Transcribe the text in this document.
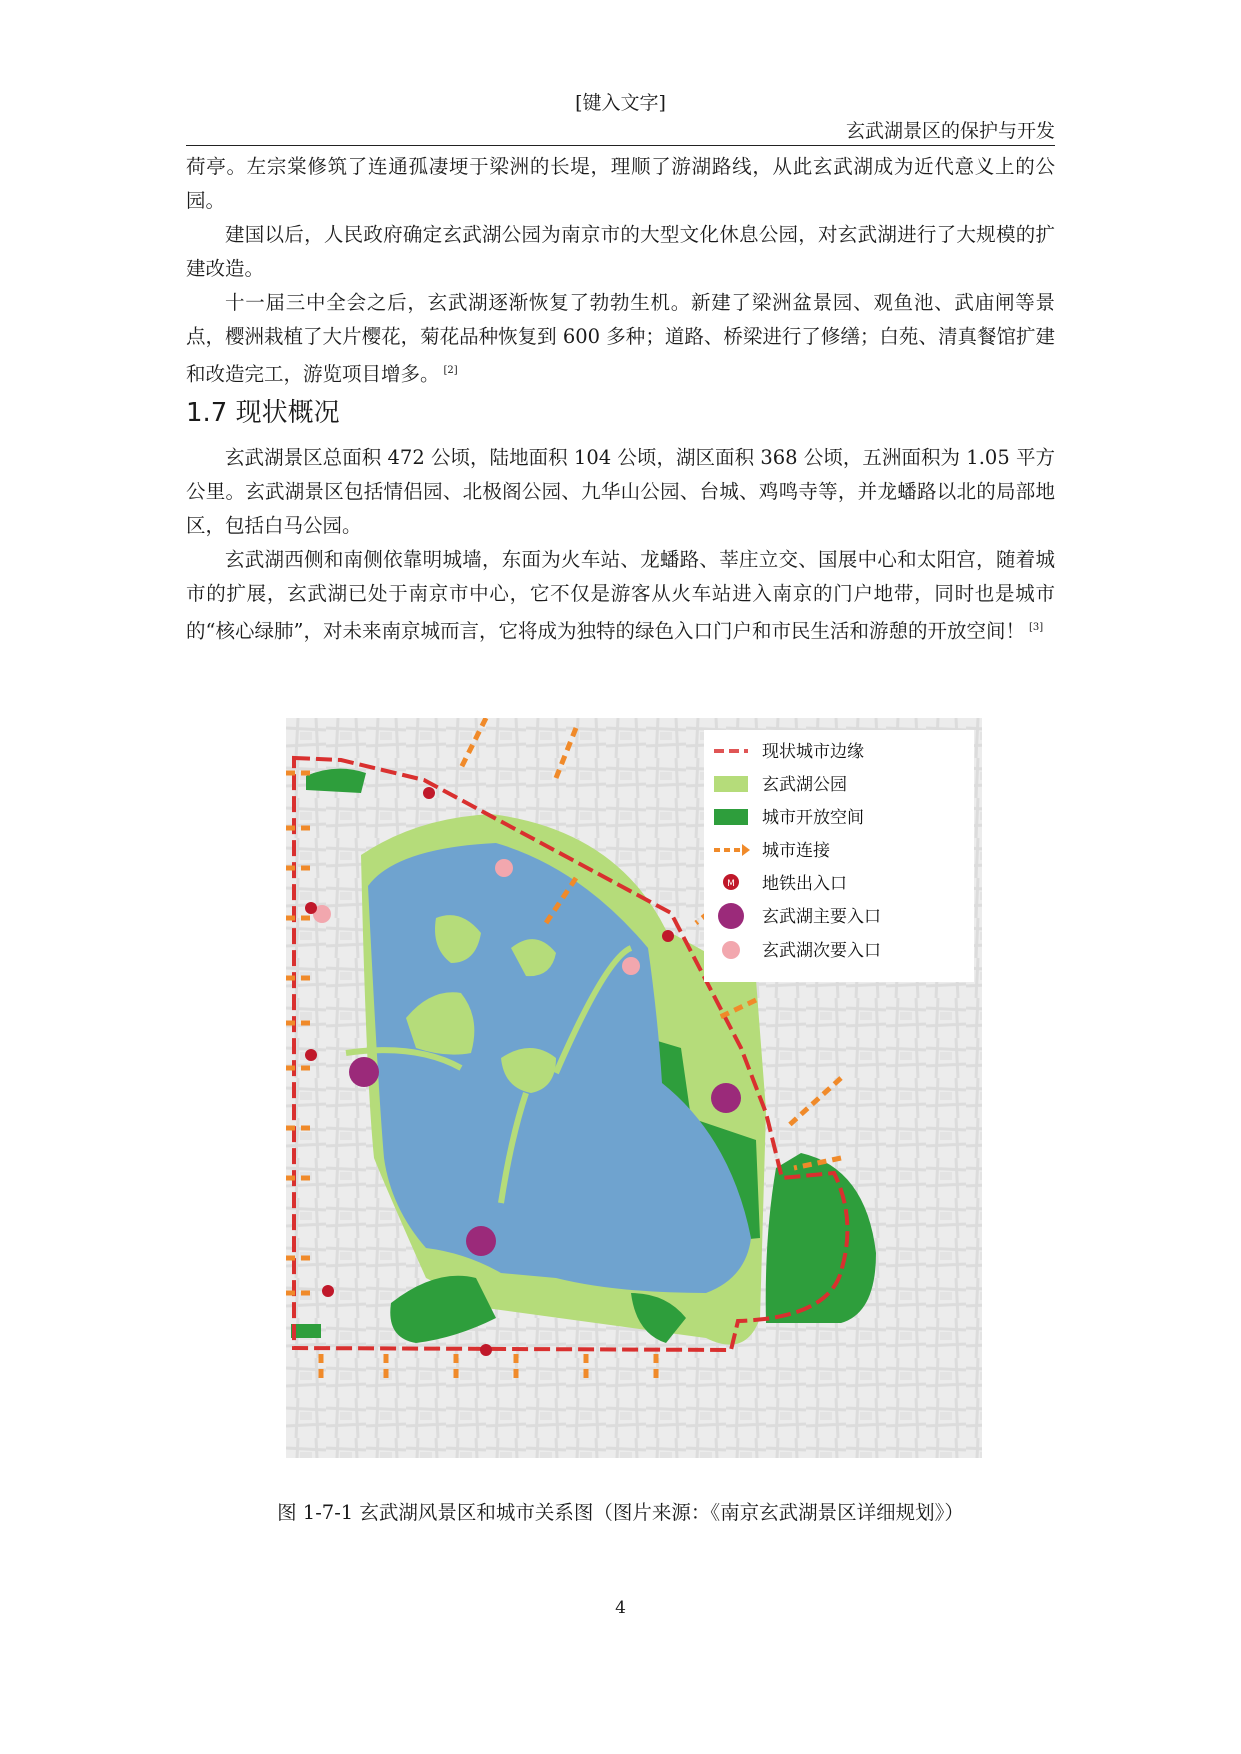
[键入文字]
玄武湖景区的保护与开发

荷亭。左宗棠修筑了连通孤凄埂于梁洲的长堤，理顺了游湖路线，从此玄武湖成为近代意义上的公园。

建国以后，人民政府确定玄武湖公园为南京市的大型文化休息公园，对玄武湖进行了大规模的扩建改造。

十一届三中全会之后，玄武湖逐渐恢复了勃勃生机。新建了梁洲盆景园、观鱼池、武庙闸等景点，樱洲栽植了大片樱花，菊花品种恢复到 600 多种；道路、桥梁进行了修缮；白苑、清真餐馆扩建和改造完工，游览项目增多。 [2]

1.7 现状概况

玄武湖景区总面积 472 公顷，陆地面积 104 公顷，湖区面积 368 公顷，五洲面积为 1.05 平方公里。玄武湖景区包括情侣园、北极阁公园、九华山公园、台城、鸡鸣寺等，并龙蟠路以北的局部地区，包括白马公园。

玄武湖西侧和南侧依靠明城墙，东面为火车站、龙蟠路、莘庄立交、国展中心和太阳宫，随着城市的扩展，玄武湖已处于南京市中心，它不仅是游客从火车站进入南京的门户地带，同时也是城市的“核心绿肺”，对未来南京城而言，它将成为独特的绿色入口门户和市民生活和游憩的开放空间！ [3]

现状城市边缘
玄武湖公园
城市开放空间
城市连接
M 地铁出入口
玄武湖主要入口
玄武湖次要入口
图 1-7-1 玄武湖风景区和城市关系图（图片来源：《南京玄武湖景区详细规划》）
4
